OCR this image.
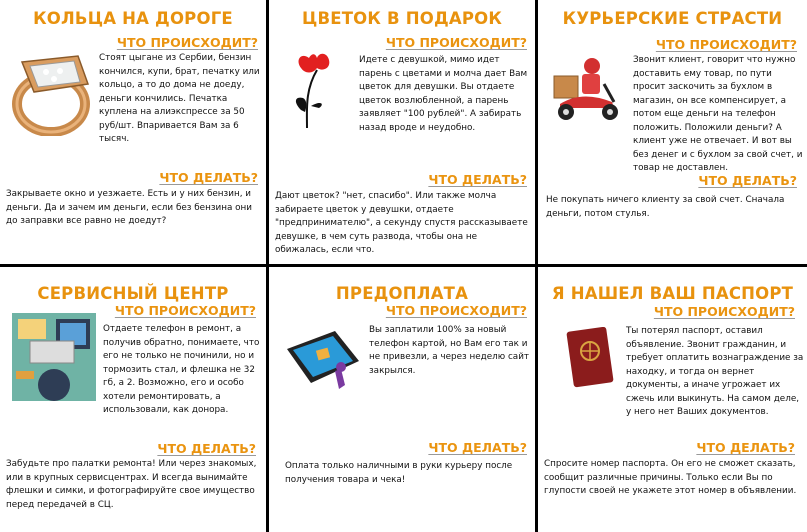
КОЛЬЦА НА ДОРОГЕ
ЧТО ПРОИСХОДИТ?
Стоят цыгане из Сербии, бензин кончился, купи, брат, печатку или кольцо, а то до дома не доеду, деньги кончились. Печатка куплена на алиэкспрессе за 50 руб/шт. Впаривается Вам за 6 тысяч.
ЧТО ДЕЛАТЬ?
Закрываете окно и уезжаете. Есть и у них бензин, и деньги. Да и зачем им деньги, если без бензина они до заправки все равно не доедут?
ЦВЕТОК В ПОДАРОК
ЧТО ПРОИСХОДИТ?
Идете с девушкой, мимо идет парень с цветами и молча дает Вам цветок для девушки. Вы отдаете цветок возлюбленной, а парень заявляет "100 рублей". А забирать назад вроде и неудобно.
ЧТО ДЕЛАТЬ?
Дают цветок? "нет, спасибо". Или также молча забираете цветок у девушки, отдаете "предпринимателю", а секунду спустя рассказываете девушке, в чем суть развода, чтобы она не обижалась, если что.
КУРЬЕРСКИЕ СТРАСТИ
ЧТО ПРОИСХОДИТ?
Звонит клиент, говорит что нужно доставить ему товар, по пути просит заскочить за бухлом в магазин, он все компенсирует, а потом еще деньги на телефон положить. Положили деньги? А клиент уже не отвечает. И вот вы без денег и с бухлом за свой счет, и товар не доставлен.
ЧТО ДЕЛАТЬ?
Не покупать ничего клиенту за свой счет. Сначала деньги, потом стулья.
СЕРВИСНЫЙ ЦЕНТР
ЧТО ПРОИСХОДИТ?
Отдаете телефон в ремонт, а получив обратно, понимаете, что его не только не починили, но и тормозить стал, и флешка не 32 гб, а 2. Возможно, его и особо хотели ремонтировать, а использовали, как донора.
ЧТО ДЕЛАТЬ?
Забудьте про палатки ремонта! Или через знакомых, или в крупных сервисцентрах. И всегда вынимайте флешки и симки, и фотографируйте свое имущество перед передачей в СЦ.
ПРЕДОПЛАТА
ЧТО ПРОИСХОДИТ?
Вы заплатили 100% за новый телефон картой, но Вам его так и не привезли, а через неделю сайт закрылся.
ЧТО ДЕЛАТЬ?
Оплата только наличными в руки курьеру после получения товара и чека!
Я НАШЕЛ ВАШ ПАСПОРТ
ЧТО ПРОИСХОДИТ?
Ты потерял паспорт, оставил объявление. Звонит гражданин, и требует оплатить вознаграждение за находку, и тогда он вернет документы, а иначе угрожает их сжечь или выкинуть. На самом деле, у него нет Ваших документов.
ЧТО ДЕЛАТЬ?
Спросите номер паспорта. Он его не сможет сказать, сообщит различные причины. Только если Вы по глупости своей не укажете этот номер в объявлении.
